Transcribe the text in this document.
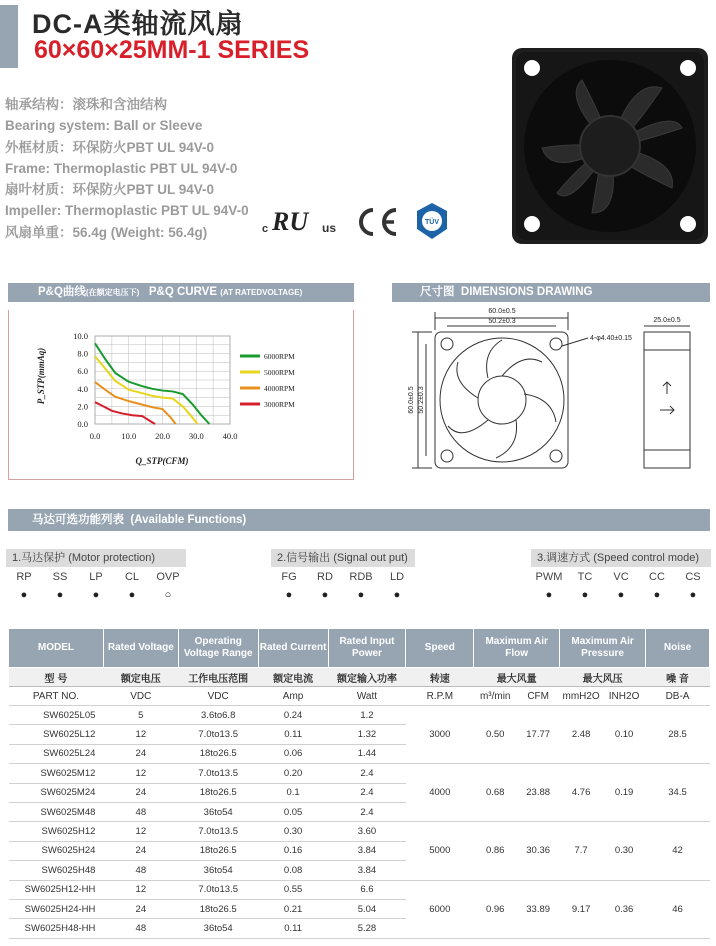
DC-A类轴流风扇
60×60×25MM-1 SERIES
轴承结构：滚珠和含油结构
Bearing system: Ball or Sleeve
外框材质：环保防火PBT UL 94V-0
Frame: Thermoplastic PBT UL 94V-0
扇叶材质：环保防火PBT UL 94V-0
Impeller: Thermoplastic PBT UL 94V-0
风扇单重：56.4g (Weight: 56.4g)	c RU us	TÜV
P&Q曲线(在额定电压下) P&Q CURVE (AT RATEDVOLTAGE)	尺寸图 DIMENSIONS DRAWING
0.0 10.0 20.0 30.0 40.0
0.0
2.0
4.0
6.0
8.0
10.0
6000RPM
5000RPM
4000RPM
3000RPM
Q_STP(CFM)
P_STP(mmAq)
60.0±0.5
50.2±0.3
4-φ4.40±0.15
60.0±0.5 50.2±0.3
25.0±0.5
马达可选功能列表 (Available Functions)
1.马达保护 (Motor protection)
RP	SS	LP	CL	OVP
●	●	●	●	○
2.信号输出 (Signal out put)
FG	RD	RDB	LD
●	●	●	●
3.调速方式 (Speed control mode)
PWM	TC	VC	CC	CS
●	●	●	●	●
MODEL	Rated Voltage	Operating Voltage Range	Rated Current	Rated Input Power	Speed	Maximum Air Flow		Maximum Air Pressure		Noise
型 号	额定电压	工作电压范围	额定电流	额定输入功率	转速	最大风量		最大风压		噪 音
PART NO.	VDC	VDC	Amp	Watt	R.P.M	m³/min	CFM	mmH2O	INH2O	DB-A
SW6025L05	5	3.6to6.8	0.24	1.2	3000	0.50	17.77	2.48	0.10	28.5
SW6025L12	12	7.0to13.5	0.11	1.32						
SW6025L24	24	18to26.5	0.06	1.44						
SW6025M12	12	7.0to13.5	0.20	2.4	4000	0.68	23.88	4.76	0.19	34.5
SW6025M24	24	18to26.5	0.1	2.4						
SW6025M48	48	36to54	0.05	2.4						
SW6025H12	12	7.0to13.5	0.30	3.60	5000	0.86	30.36	7.7	0.30	42
SW6025H24	24	18to26.5	0.16	3.84						
SW6025H48	48	36to54	0.08	3.84						
SW6025H12-HH	12	7.0to13.5	0.55	6.6	6000	0.96	33.89	9.17	0.36	46
SW6025H24-HH	24	18to26.5	0.21	5.04						
SW6025H48-HH	48	36to54	0.11	5.28						
